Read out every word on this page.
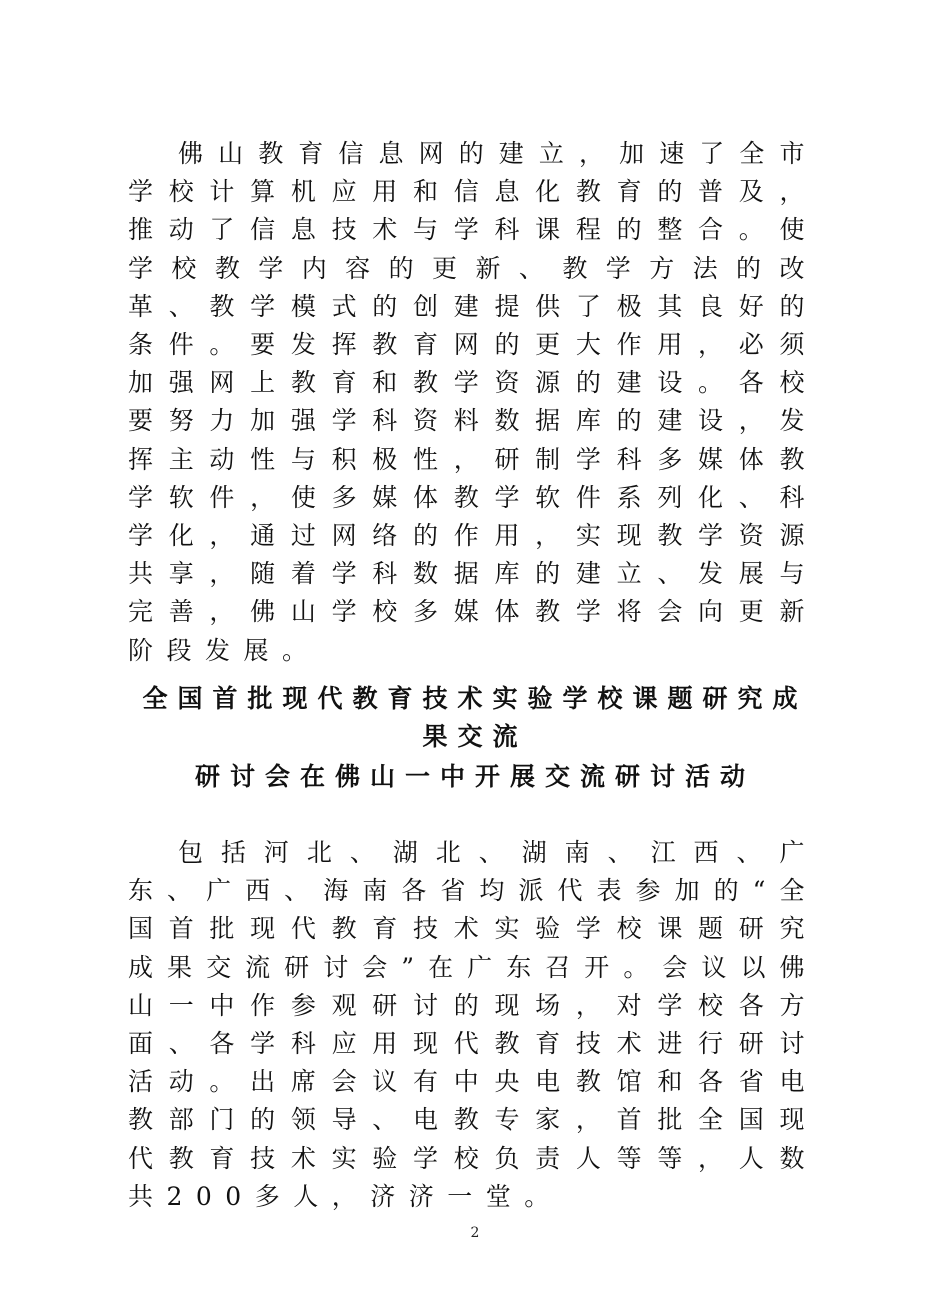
佛山教育信息网的建立，加速了全市学校计算机应用和信息化教育的普及，推动了信息技术与学科课程的整合。使学校教学内容的更新、教学方法的改革、教学模式的创建提供了极其良好的条件。要发挥教育网的更大作用，必须加强网上教育和教学资源的建设。各校要努力加强学科资料数据库的建设，发挥主动性与积极性，研制学科多媒体教学软件，使多媒体教学软件系列化、科学化，通过网络的作用，实现教学资源共享，随着学科数据库的建立、发展与完善，佛山学校多媒体教学将会向更新阶段发展。

全国首批现代教育技术实验学校课题研究成
果交流
研讨会在佛山一中开展交流研讨活动

包括河北、湖北、湖南、江西、广东、广西、海南各省均派代表参加的“全国首批现代教育技术实验学校课题研究成果交流研讨会”在广东召开。会议以佛山一中作参观研讨的现场，对学校各方面、各学科应用现代教育技术进行研讨活动。出席会议有中央电教馆和各省电教部门的领导、电教专家，首批全国现代教育技术实验学校负责人等等，人数共200多人，济济一堂。

2
